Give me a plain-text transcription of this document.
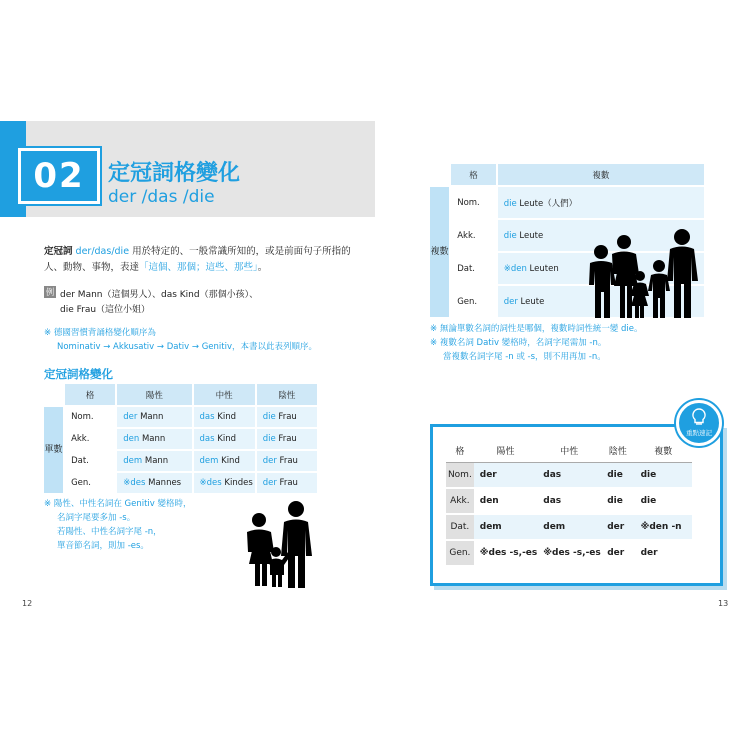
02	定冠詞格變化
der /das /die
定冠詞 der/das/die 用於特定的、一般常識所知的，或是前面句子所指的
人、動物、事物，表達「這個、那個；這些、那些」。
例 der Mann（這個男人）、das Kind（那個小孩）、
die Frau（這位小姐）
※ 德國習慣背誦格變化順序為
Nominativ → Akkusativ → Dativ → Genitiv，本書以此表列順序。
定冠詞格變化
	格	陽性	中性	陰性
單數	Nom.	der Mann	das Kind	die Frau
	Akk.	den Mann	das Kind	die Frau
	Dat.	dem Mann	dem Kind	der Frau
	Gen.	※des Mannes	※des Kindes	der Frau
※ 陽性、中性名詞在 Genitiv 變格時，
名詞字尾要多加 -s。
若陽性、中性名詞字尾 -n，
單音節名詞，則加 -es。
12
	格	複數
複數	Nom.	die Leute（人們）
	Akk.	die Leute
	Dat.	※den Leuten
	Gen.	der Leute
※ 無論單數名詞的詞性是哪個，複數時詞性統一變 die。
※ 複數名詞 Dativ 變格時，名詞字尾需加 -n。
當複數名詞字尾 -n 或 -s，則不用再加 -n。
格	陽性	中性	陰性	複數
Nom.	der	das	die	die
Akk.	den	das	die	die
Dat.	dem	dem	der	※den -n
Gen.	※des -s,-es	※des -s,-es	der	der
重點速記
13
